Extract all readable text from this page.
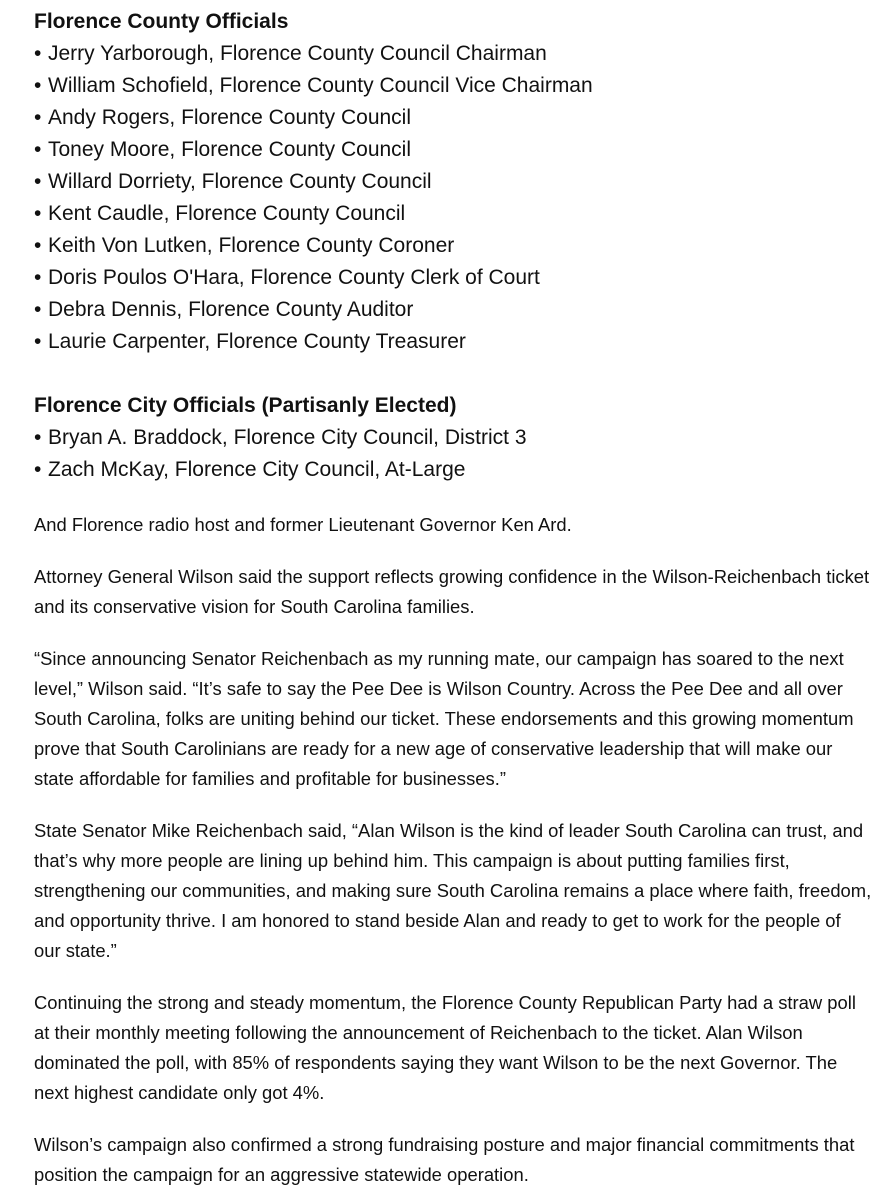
Florence County Officials
• Jerry Yarborough, Florence County Council Chairman
• William Schofield, Florence County Council Vice Chairman
• Andy Rogers, Florence County Council
• Toney Moore, Florence County Council
• Willard Dorriety, Florence County Council
• Kent Caudle, Florence County Council
• Keith Von Lutken, Florence County Coroner
• Doris Poulos O'Hara, Florence County Clerk of Court
• Debra Dennis, Florence County Auditor
• Laurie Carpenter, Florence County Treasurer
Florence City Officials (Partisanly Elected)
• Bryan A. Braddock, Florence City Council, District 3
• Zach McKay, Florence City Council, At-Large

And Florence radio host and former Lieutenant Governor Ken Ard.

Attorney General Wilson said the support reflects growing confidence in the Wilson-Reichenbach ticket and its conservative vision for South Carolina families.

“Since announcing Senator Reichenbach as my running mate, our campaign has soared to the next level,” Wilson said. “It’s safe to say the Pee Dee is Wilson Country. Across the Pee Dee and all over South Carolina, folks are uniting behind our ticket. These endorsements and this growing momentum prove that South Carolinians are ready for a new age of conservative leadership that will make our state affordable for families and profitable for businesses.”

State Senator Mike Reichenbach said, “Alan Wilson is the kind of leader South Carolina can trust, and that’s why more people are lining up behind him. This campaign is about putting families first, strengthening our communities, and making sure South Carolina remains a place where faith, freedom, and opportunity thrive. I am honored to stand beside Alan and ready to get to work for the people of our state.”

Continuing the strong and steady momentum, the Florence County Republican Party had a straw poll at their monthly meeting following the announcement of Reichenbach to the ticket. Alan Wilson dominated the poll, with 85% of respondents saying they want Wilson to be the next Governor. The next highest candidate only got 4%.

Wilson’s campaign also confirmed a strong fundraising posture and major financial commitments that position the campaign for an aggressive statewide operation.
